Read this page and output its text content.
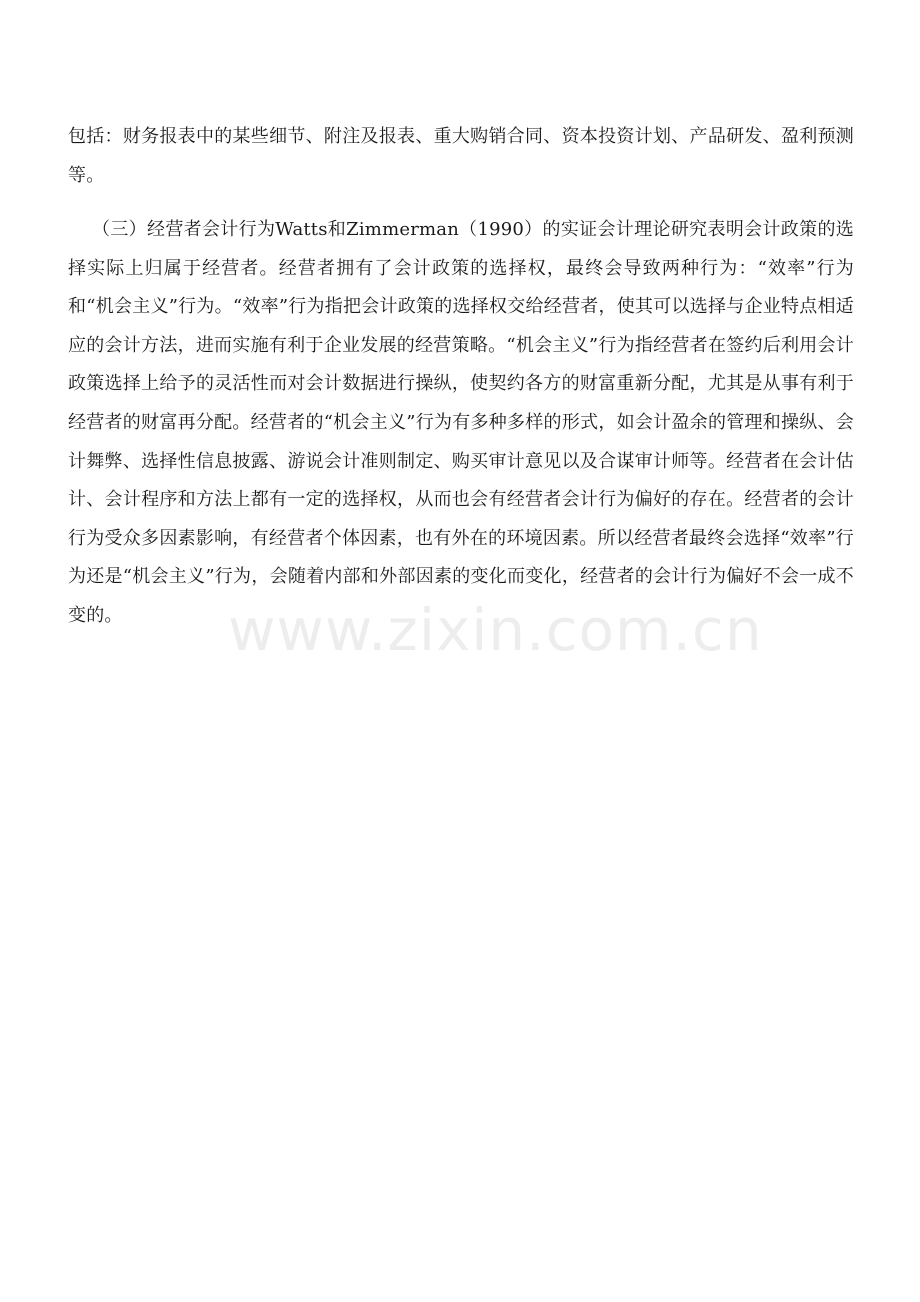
包括：财务报表中的某些细节、附注及报表、重大购销合同、资本投资计划、产品研发、盈利预测等。
（三）经营者会计行为Watts和Zimmerman（1990）的实证会计理论研究表明会计政策的选择实际上归属于经营者。经营者拥有了会计政策的选择权，最终会导致两种行为：“效率”行为和“机会主义”行为。“效率”行为指把会计政策的选择权交给经营者，使其可以选择与企业特点相适应的会计方法，进而实施有利于企业发展的经营策略。“机会主义”行为指经营者在签约后利用会计政策选择上给予的灵活性而对会计数据进行操纵，使契约各方的财富重新分配，尤其是从事有利于经营者的财富再分配。经营者的“机会主义”行为有多种多样的形式，如会计盈余的管理和操纵、会计舞弊、选择性信息披露、游说会计准则制定、购买审计意见以及合谋审计师等。经营者在会计估计、会计程序和方法上都有一定的选择权，从而也会有经营者会计行为偏好的存在。经营者的会计行为受众多因素影响，有经营者个体因素，也有外在的环境因素。所以经营者最终会选择“效率”行为还是“机会主义”行为，会随着内部和外部因素的变化而变化，经营者的会计行为偏好不会一成不变的。	www.zixin.com.cn
